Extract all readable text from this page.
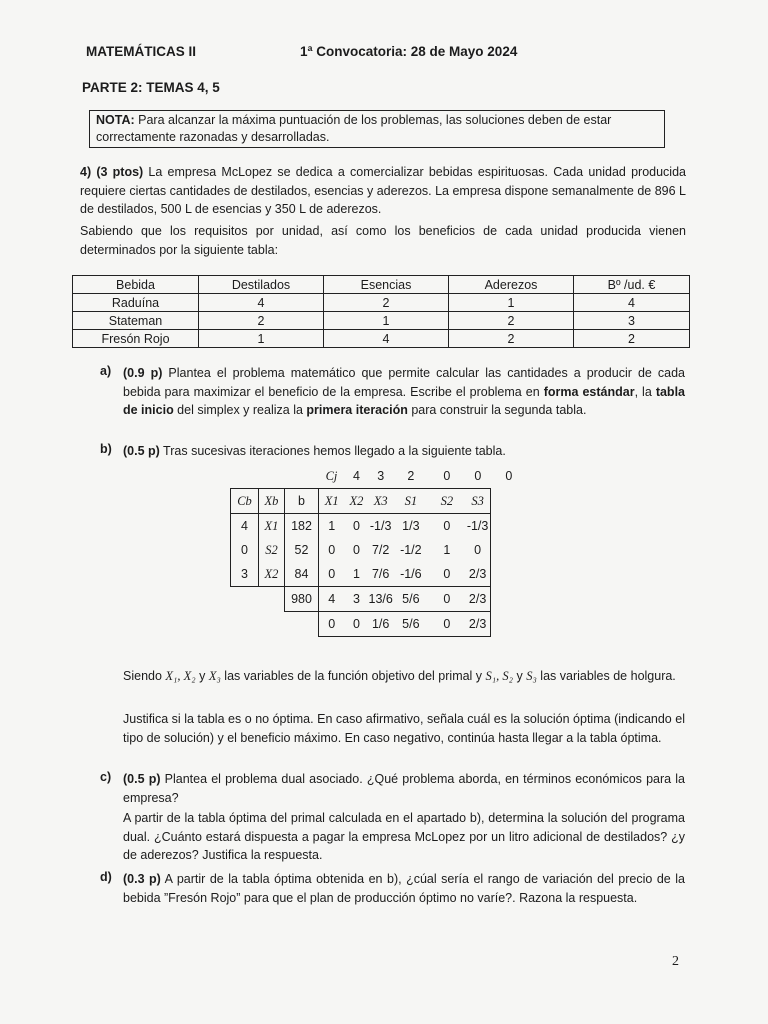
MATEMÁTICAS II	1ª Convocatoria: 28 de Mayo 2024
PARTE 2: TEMAS 4, 5
NOTA: Para alcanzar la máxima puntuación de los problemas, las soluciones deben de estar correctamente razonadas y desarrolladas.
4) (3 ptos) La empresa McLopez se dedica a comercializar bebidas espirituosas. Cada unidad producida requiere ciertas cantidades de destilados, esencias y aderezos. La empresa dispone semanalmente de 896 L de destilados, 500 L de esencias y 350 L de aderezos.
Sabiendo que los requisitos por unidad, así como los beneficios de cada unidad producida vienen determinados por la siguiente tabla:
Bebida	Destilados	Esencias	Aderezos	Bº /ud. €
Raduína	4	2	1	4
Stateman	2	1	2	3
Fresón Rojo	1	4	2	2
a) (0.9 p) Plantea el problema matemático que permite calcular las cantidades a producir de cada bebida para maximizar el beneficio de la empresa. Escribe el problema en forma estándar, la tabla de inicio del simplex y realiza la primera iteración para construir la segunda tabla.
b) (0.5 p) Tras sucesivas iteraciones hemos llegado a la siguiente tabla.
			Cj	4	3	2	0	0	0
Cb	Xb	b	X1	X2	X3	S1	S2	S3	
4	X1	182	1	0	-1/3	1/3	0	-1/3	
0	S2	52	0	0	7/2	-1/2	1	0	
3	X2	84	0	1	7/6	-1/6	0	2/3	
		980	4	3	13/6	5/6	0	2/3	
			0	0	1/6	5/6	0	2/3	
Siendo X₁, X₂ y X₃ las variables de la función objetivo del primal y S₁, S₂ y S₃ las variables de holgura.
Justifica si la tabla es o no óptima. En caso afirmativo, señala cuál es la solución óptima (indicando el tipo de solución) y el beneficio máximo. En caso negativo, continúa hasta llegar a la tabla óptima.
c) (0.5 p) Plantea el problema dual asociado. ¿Qué problema aborda, en términos económicos para la empresa?
A partir de la tabla óptima del primal calculada en el apartado b), determina la solución del programa dual. ¿Cuánto estará dispuesta a pagar la empresa McLopez por un litro adicional de destilados? ¿y de aderezos? Justifica la respuesta.
d) (0.3 p) A partir de la tabla óptima obtenida en b), ¿cúal sería el rango de variación del precio de la bebida ”Fresón Rojo” para que el plan de producción óptimo no varíe?. Razona la respuesta.
2
